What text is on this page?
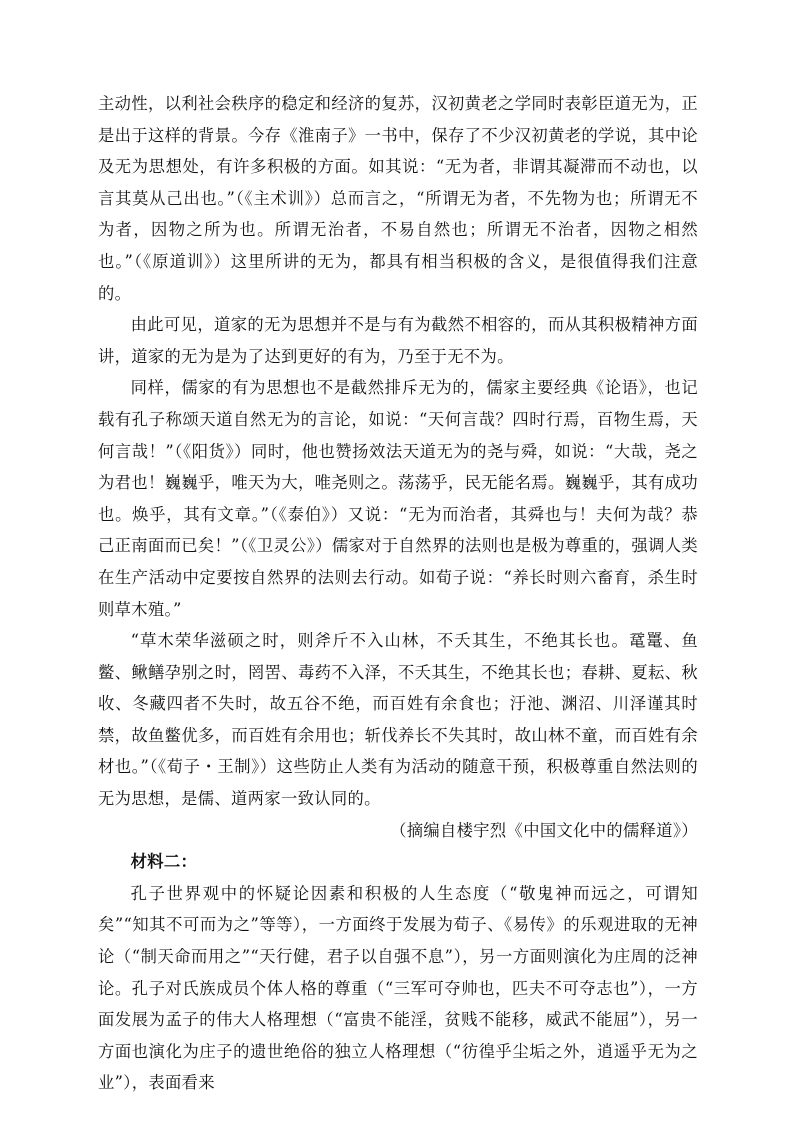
主动性，以利社会秩序的稳定和经济的复苏，汉初黄老之学同时表彰臣道无为，正是出于这样的背景。今存《淮南子》一书中，保存了不少汉初黄老的学说，其中论及无为思想处，有许多积极的方面。如其说：“无为者，非谓其凝滞而不动也，以言其莫从己出也。”（《主术训》）总而言之，“所谓无为者，不先物为也；所谓无不为者，因物之所为也。所谓无治者，不易自然也；所谓无不治者，因物之相然也。”（《原道训》）这里所讲的无为，都具有相当积极的含义，是很值得我们注意的。

由此可见，道家的无为思想并不是与有为截然不相容的，而从其积极精神方面讲，道家的无为是为了达到更好的有为，乃至于无不为。

同样，儒家的有为思想也不是截然排斥无为的，儒家主要经典《论语》，也记载有孔子称颂天道自然无为的言论，如说：“天何言哉？四时行焉，百物生焉，天何言哉！”（《阳货》）同时，他也赞扬效法天道无为的尧与舜，如说：“大哉，尧之为君也！巍巍乎，唯天为大，唯尧则之。荡荡乎，民无能名焉。巍巍乎，其有成功也。焕乎，其有文章。”（《泰伯》）又说：“无为而治者，其舜也与！夫何为哉？恭己正南面而已矣！”（《卫灵公》）儒家对于自然界的法则也是极为尊重的，强调人类在生产活动中定要按自然界的法则去行动。如荀子说：“养长时则六畜育，杀生时则草木殖。”

“草木荣华滋硕之时，则斧斤不入山林，不夭其生，不绝其长也。鼋鼍、鱼鳖、鳅鳝孕别之时，罔罟、毒药不入泽，不夭其生，不绝其长也；春耕、夏耘、秋收、冬藏四者不失时，故五谷不绝，而百姓有余食也；汙池、渊沼、川泽谨其时禁，故鱼鳖优多，而百姓有余用也；斩伐养长不失其时，故山林不童，而百姓有余材也。”（《荀子・王制》）这些防止人类有为活动的随意干预，积极尊重自然法则的无为思想，是儒、道两家一致认同的。

（摘编自楼宇烈《中国文化中的儒释道》）

材料二：

孔子世界观中的怀疑论因素和积极的人生态度（“敬鬼神而远之，可谓知矣”“知其不可而为之”等等），一方面终于发展为荀子、《易传》的乐观进取的无神论（“制天命而用之”“天行健，君子以自强不息”），另一方面则演化为庄周的泛神论。孔子对氏族成员个体人格的尊重（“三军可夺帅也，匹夫不可夺志也”），一方面发展为孟子的伟大人格理想（“富贵不能淫，贫贱不能移，威武不能屈”），另一方面也演化为庄子的遗世绝俗的独立人格理想（“彷徨乎尘垢之外，逍遥乎无为之业”），表面看来
